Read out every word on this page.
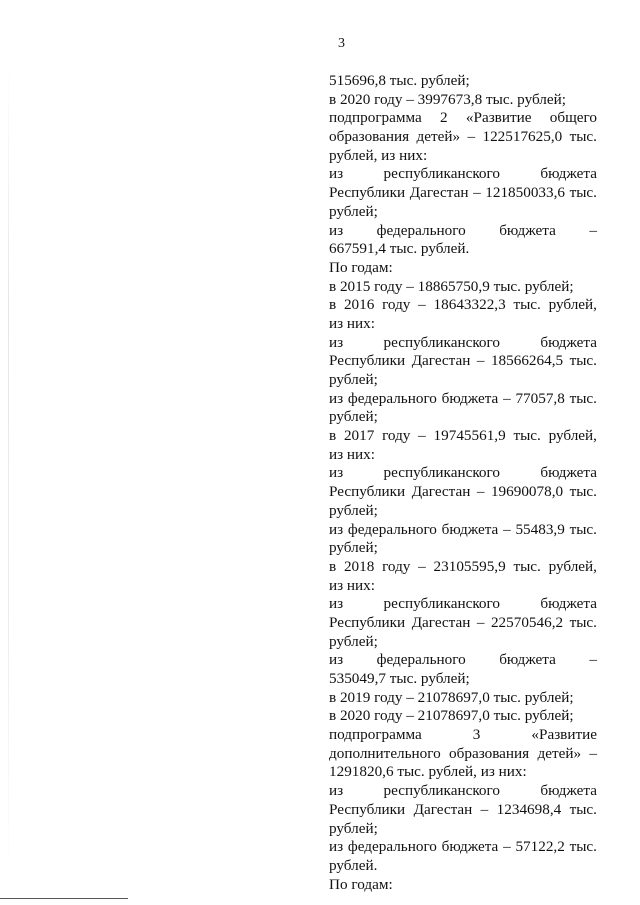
3
515696,8 тыс. рублей;
в 2020 году – 3997673,8 тыс. рублей;
подпрограмма 2 «Развитие общего
образования детей» – 122517625,0 тыс.
рублей, из них:
из	республиканского	бюджета
Республики Дагестан – 121850033,6 тыс.
рублей;
из федерального бюджета –
667591,4 тыс. рублей.
По годам:
в 2015 году – 18865750,9 тыс. рублей;
в 2016 году – 18643322,3 тыс. рублей,
из них:
из	республиканского	бюджета
Республики Дагестан – 18566264,5 тыс.
рублей;
из федерального бюджета – 77057,8 тыс.
рублей;
в 2017 году – 19745561,9 тыс. рублей,
из них:
из	республиканского	бюджета
Республики Дагестан – 19690078,0 тыс.
рублей;
из федерального бюджета – 55483,9 тыс.
рублей;
в 2018 году – 23105595,9 тыс. рублей,
из них:
из	республиканского	бюджета
Республики Дагестан – 22570546,2 тыс.
рублей;
из федерального бюджета –
535049,7 тыс. рублей;
в 2019 году – 21078697,0 тыс. рублей;
в 2020 году – 21078697,0 тыс. рублей;
подпрограмма	3	«Развитие
дополнительного образования детей» –
1291820,6 тыс. рублей, из них:
из	республиканского	бюджета
Республики Дагестан – 1234698,4 тыс.
рублей;
из федерального бюджета – 57122,2 тыс.
рублей.
По годам:
